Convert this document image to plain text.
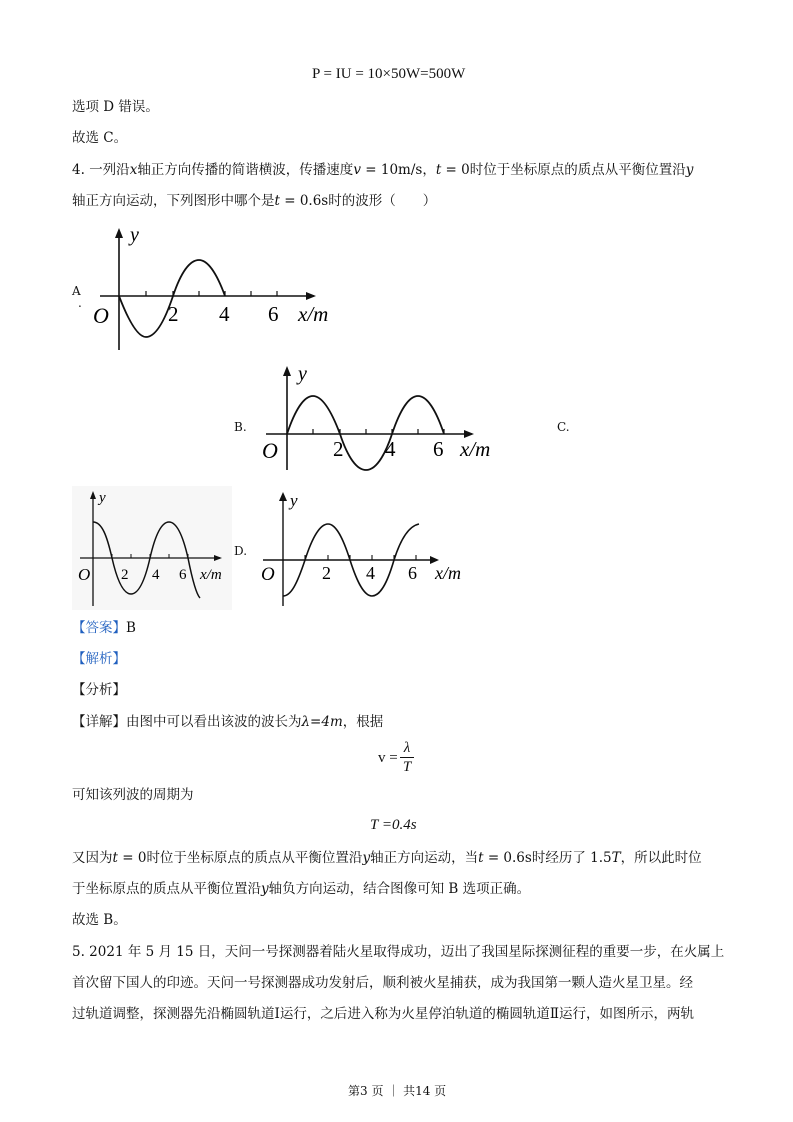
P = IU = 10×50W=500W
选项 D 错误。
故选 C。
4. 一列沿x轴正方向传播的简谐横波，传播速度v = 10m/s，t = 0时位于坐标原点的质点从平衡位置沿y
轴正方向运动，下列图形中哪个是t = 0.6s时的波形（　　）
A
. O
y
2 4 6 x/m
B.
O
y
2 4 6 x/m
C.
O
y
2 4 6 x/m
D.
O
y
2 4 6 x/m
【答案】B
【解析】
【分析】
【详解】由图中可以看出该波的波长为λ=4m，根据
v =
λ
T
可知该列波的周期为
T =0.4s
又因为t = 0时位于坐标原点的质点从平衡位置沿y轴正方向运动，当t = 0.6s时经历了 1.5T，所以此时位
于坐标原点的质点从平衡位置沿y轴负方向运动，结合图像可知 B 选项正确。
故选 B。
5. 2021 年 5 月 15 日，天问一号探测器着陆火星取得成功，迈出了我国星际探测征程的重要一步，在火属上
首次留下国人的印迹。天问一号探测器成功发射后，顺利被火星捕获，成为我国第一颗人造火星卫星。经
过轨道调整，探测器先沿椭圆轨道Ⅰ运行，之后进入称为火星停泊轨道的椭圆轨道Ⅱ运行，如图所示，两轨
第3 页 ｜ 共14 页
